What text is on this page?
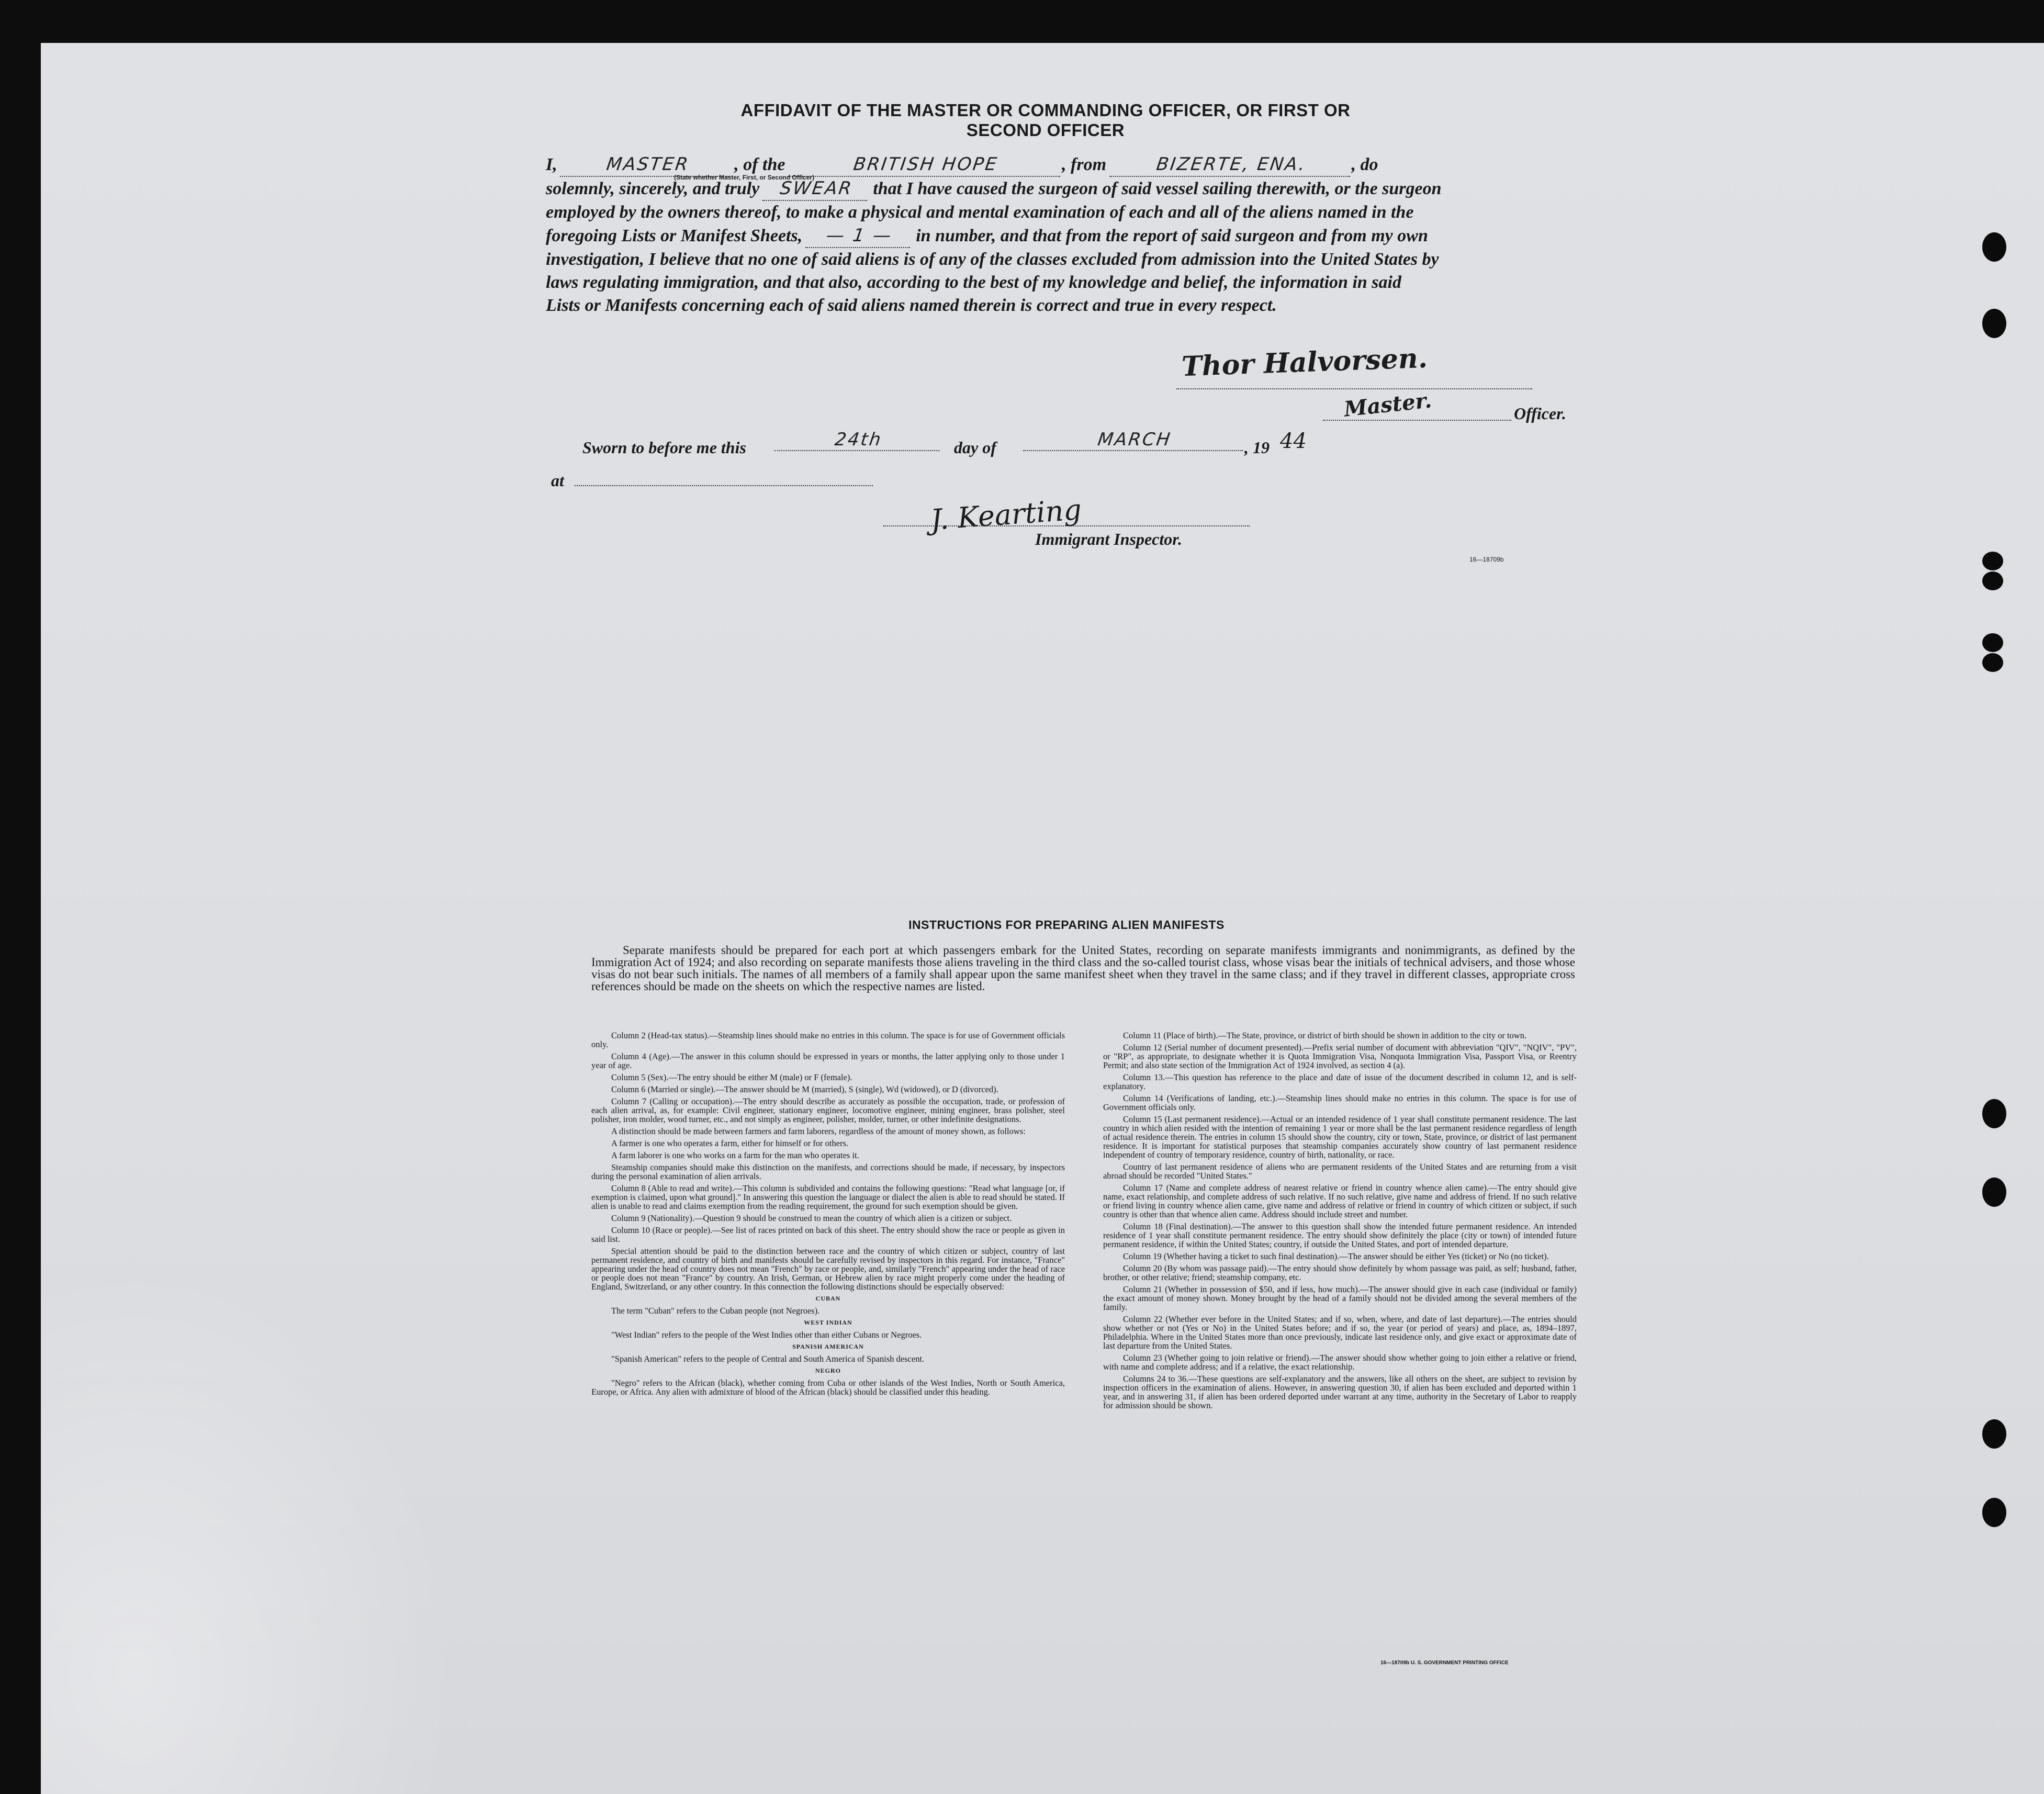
AFFIDAVIT OF THE MASTER OR COMMANDING OFFICER, OR FIRST OR SECOND OFFICER
I,	MASTER , of the	BRITISH HOPE	, from	BIZERTE, ENA. , do
solemnly, sincerely, and truly SWEAR that I have caused the surgeon of said vessel sailing therewith, or the surgeon
employed by the owners thereof, to make a physical and mental examination of each and all of the aliens named in the
foregoing Lists or Manifest Sheets, — 1 — in number, and that from the report of said surgeon and from my own
investigation, I believe that no one of said aliens is of any of the classes excluded from admission into the United States by
laws regulating immigration, and that also, according to the best of my knowledge and belief, the information in said
Lists or Manifests concerning each of said aliens named therein is correct and true in every respect.
(State whether Master, First, or Second Officer)
Thor Halvorsen.
Master.	Officer.
Sworn to before me this	24th	day of	MARCH	, 19 44
at
J. Kearting
Immigrant Inspector.
16—18709b
INSTRUCTIONS FOR PREPARING ALIEN MANIFESTS
Separate manifests should be prepared for each port at which passengers embark for the United States, recording on separate manifests immigrants and nonimmigrants, as defined by the Immigration Act of 1924; and also recording on separate manifests those aliens traveling in the third class and the so-called tourist class, whose visas bear the initials of technical advisers, and those whose visas do not bear such initials. The names of all members of a family shall appear upon the same manifest sheet when they travel in the same class; and if they travel in different classes, appropriate cross references should be made on the sheets on which the respective names are listed.

Column 2 (Head-tax status).—Steamship lines should make no entries in this column. The space is for use of Government officials only.

Column 4 (Age).—The answer in this column should be expressed in years or months, the latter applying only to those under 1 year of age.

Column 5 (Sex).—The entry should be either M (male) or F (female).

Column 6 (Married or single).—The answer should be M (married), S (single), Wd (widowed), or D (divorced).

Column 7 (Calling or occupation).—The entry should describe as accurately as possible the occupation, trade, or profession of each alien arrival, as, for example: Civil engineer, stationary engineer, locomotive engineer, mining engineer, brass polisher, steel polisher, iron molder, wood turner, etc., and not simply as engineer, polisher, molder, turner, or other indefinite designations.

A distinction should be made between farmers and farm laborers, regardless of the amount of money shown, as follows:

A farmer is one who operates a farm, either for himself or for others.

A farm laborer is one who works on a farm for the man who operates it.

Steamship companies should make this distinction on the manifests, and corrections should be made, if necessary, by inspectors during the personal examination of alien arrivals.

Column 8 (Able to read and write).—This column is subdivided and contains the following questions: "Read what language [or, if exemption is claimed, upon what ground]." In answering this question the language or dialect the alien is able to read should be stated. If alien is unable to read and claims exemption from the reading requirement, the ground for such exemption should be given.

Column 9 (Nationality).—Question 9 should be construed to mean the country of which alien is a citizen or subject.

Column 10 (Race or people).—See list of races printed on back of this sheet. The entry should show the race or people as given in said list.

Special attention should be paid to the distinction between race and the country of which citizen or subject, country of last permanent residence, and country of birth and manifests should be carefully revised by inspectors in this regard. For instance, "France" appearing under the head of country does not mean "French" by race or people, and, similarly "French" appearing under the head of race or people does not mean "France" by country. An Irish, German, or Hebrew alien by race might properly come under the heading of England, Switzerland, or any other country. In this connection the following distinctions should be especially observed:

CUBAN

The term "Cuban" refers to the Cuban people (not Negroes).

WEST INDIAN

"West Indian" refers to the people of the West Indies other than either Cubans or Negroes.

SPANISH AMERICAN

"Spanish American" refers to the people of Central and South America of Spanish descent.

NEGRO

"Negro" refers to the African (black), whether coming from Cuba or other islands of the West Indies, North or South America, Europe, or Africa. Any alien with admixture of blood of the African (black) should be classified under this heading.

Column 11 (Place of birth).—The State, province, or district of birth should be shown in addition to the city or town.

Column 12 (Serial number of document presented).—Prefix serial number of document with abbreviation "QIV", "NQIV", "PV", or "RP", as appropriate, to designate whether it is Quota Immigration Visa, Nonquota Immigration Visa, Passport Visa, or Reentry Permit; and also state section of the Immigration Act of 1924 involved, as section 4 (a).

Column 13.—This question has reference to the place and date of issue of the document described in column 12, and is self-explanatory.

Column 14 (Verifications of landing, etc.).—Steamship lines should make no entries in this column. The space is for use of Government officials only.

Column 15 (Last permanent residence).—Actual or an intended residence of 1 year shall constitute permanent residence. The last country in which alien resided with the intention of remaining 1 year or more shall be the last permanent residence regardless of length of actual residence therein. The entries in column 15 should show the country, city or town, State, province, or district of last permanent residence. It is important for statistical purposes that steamship companies accurately show country of last permanent residence independent of country of temporary residence, country of birth, nationality, or race.

Country of last permanent residence of aliens who are permanent residents of the United States and are returning from a visit abroad should be recorded "United States."

Column 17 (Name and complete address of nearest relative or friend in country whence alien came).—The entry should give name, exact relationship, and complete address of such relative. If no such relative, give name and address of friend. If no such relative or friend living in country whence alien came, give name and address of relative or friend in country of which citizen or subject, if such country is other than that whence alien came. Address should include street and number.

Column 18 (Final destination).—The answer to this question shall show the intended future permanent residence. An intended residence of 1 year shall constitute permanent residence. The entry should show definitely the place (city or town) of intended future permanent residence, if within the United States; country, if outside the United States, and port of intended departure.

Column 19 (Whether having a ticket to such final destination).—The answer should be either Yes (ticket) or No (no ticket).

Column 20 (By whom was passage paid).—The entry should show definitely by whom passage was paid, as self; husband, father, brother, or other relative; friend; steamship company, etc.

Column 21 (Whether in possession of $50, and if less, how much).—The answer should give in each case (individual or family) the exact amount of money shown. Money brought by the head of a family should not be divided among the several members of the family.

Column 22 (Whether ever before in the United States; and if so, when, where, and date of last departure).—The entries should show whether or not (Yes or No) in the United States before; and if so, the year (or period of years) and place, as, 1894–1897, Philadelphia. Where in the United States more than once previously, indicate last residence only, and give exact or approximate date of last departure from the United States.

Column 23 (Whether going to join relative or friend).—The answer should show whether going to join either a relative or friend, with name and complete address; and if a relative, the exact relationship.

Columns 24 to 36.—These questions are self-explanatory and the answers, like all others on the sheet, are subject to revision by inspection officers in the examination of aliens. However, in answering question 30, if alien has been excluded and deported within 1 year, and in answering 31, if alien has been ordered deported under warrant at any time, authority in the Secretary of Labor to reapply for admission should be shown.

16—18709b U. S. GOVERNMENT PRINTING OFFICE
